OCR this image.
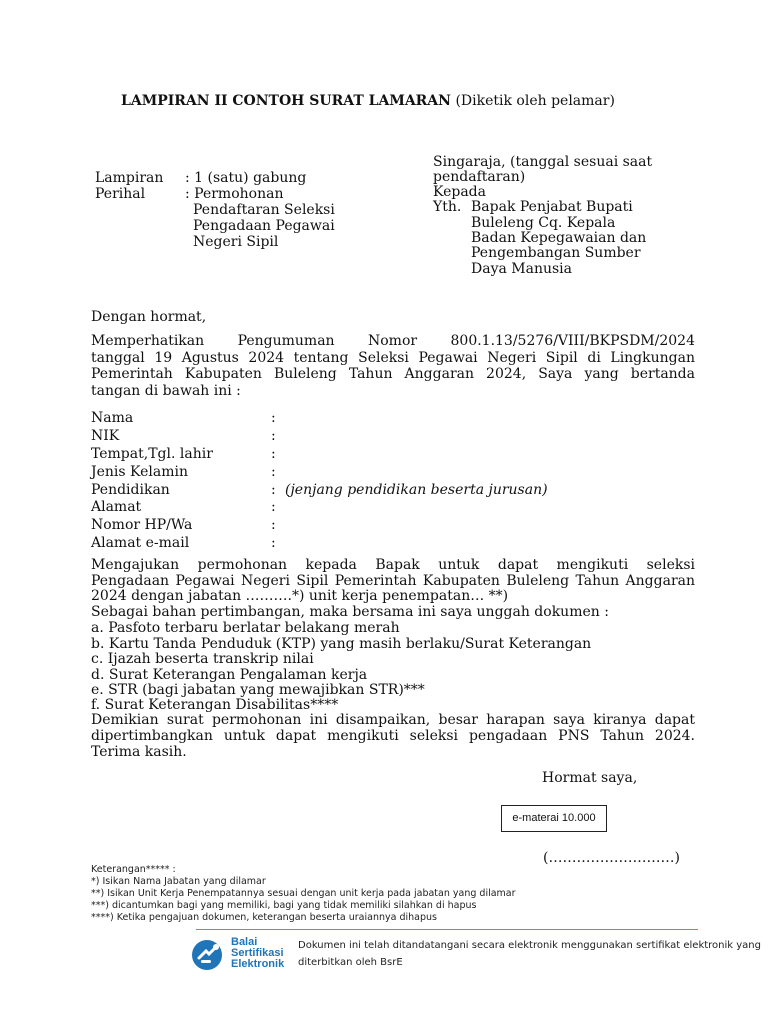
LAMPIRAN II CONTOH SURAT LAMARAN (Diketik oleh pelamar)
Lampiran : 1 (satu) gabung
Perihal	: Permohonan
Pendaftaran Seleksi
Pengadaan Pegawai
Negeri Sipil
Singaraja, (tanggal sesuai saat
pendaftaran)
Kepada
Yth. Bapak Penjabat Bupati
Buleleng Cq. Kepala
Badan Kepegawaian dan
Pengembangan Sumber
Daya Manusia
Dengan hormat,
Memperhatikan Pengumuman Nomor 800.1.13/5276/VIII/BKPSDM/2024
tanggal 19 Agustus 2024 tentang Seleksi Pegawai Negeri Sipil di Lingkungan
Pemerintah Kabupaten Buleleng Tahun Anggaran 2024, Saya yang bertanda
tangan di bawah ini :
Nama	:
NIK	:
Tempat,Tgl. lahir	:
Jenis Kelamin	:
Pendidikan	: (jenjang pendidikan beserta jurusan)
Alamat	:
Nomor HP/Wa	:
Alamat e-mail	:
Mengajukan permohonan kepada Bapak untuk dapat mengikuti seleksi
Pengadaan Pegawai Negeri Sipil Pemerintah Kabupaten Buleleng Tahun Anggaran
2024 dengan jabatan ……….*) unit kerja penempatan… **)
Sebagai bahan pertimbangan, maka bersama ini saya unggah dokumen :
a. Pasfoto terbaru berlatar belakang merah
b. Kartu Tanda Penduduk (KTP) yang masih berlaku/Surat Keterangan
c. Ijazah beserta transkrip nilai
d. Surat Keterangan Pengalaman kerja
e. STR (bagi jabatan yang mewajibkan STR)***
f. Surat Keterangan Disabilitas****
Demikian surat permohonan ini disampaikan, besar harapan saya kiranya dapat
dipertimbangkan untuk dapat mengikuti seleksi pengadaan PNS Tahun 2024.
Terima kasih.
Hormat saya,
e-materai 10.000
(………………………)
Keterangan***** :
*) Isikan Nama Jabatan yang dilamar
**) Isikan Unit Kerja Penempatannya sesuai dengan unit kerja pada jabatan yang dilamar
***) dicantumkan bagi yang memiliki, bagi yang tidak memiliki silahkan di hapus
****) Ketika pengajuan dokumen, keterangan beserta uraiannya dihapus
Balai
Sertifikasi
Elektronik
Dokumen ini telah ditandatangani secara elektronik menggunakan sertifikat elektronik yang
diterbitkan oleh BsrE
